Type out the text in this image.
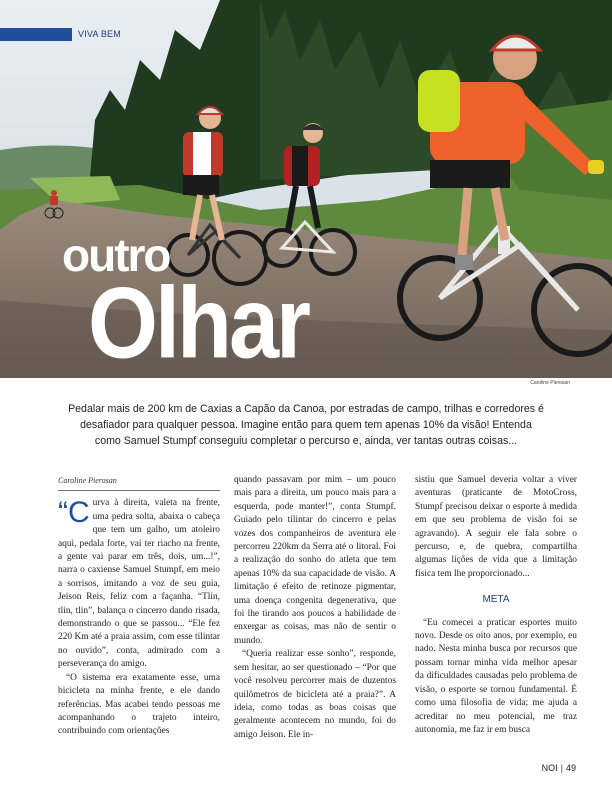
VIVA BEM
outro
Olhar
Caroline Pierosan
Pedalar mais de 200 km de Caxias a Capão da Canoa, por estradas de campo, trilhas e corredores é desafiador para qualquer pessoa. Imagine então para quem tem apenas 10% da visão! Entenda como Samuel Stumpf conseguiu completar o percurso e, ainda, ver tantas outras coisas...

Caroline Pierosan

“Curva à direita, valeta na frente, uma pedra solta, abaixa o cabeça que tem um galho, um atoleiro aqui, pedala forte, vai ter riacho na frente, a gente vai parar em três, dois, um...!”, narra o caxiense Samuel Stumpf, em meio a sorrisos, imitando a voz de seu guia, Jeison Reis, feliz com a façanha. “Tlin, tlin, tlin”, balança o cincerro dando risada, demonstrando o que se passou... “Ele fez 220 Km até a praia assim, com esse tilintar no ouvido”, conta, admirado com a perseverança do amigo.

“O sistema era exatamente esse, uma bicicleta na minha frente, e ele dando referências. Mas acabei tendo pessoas me acompanhando o trajeto inteiro, contribuindo com orientações

quando passavam por mim – um pouco mais para a direita, um pouco mais para a esquerda, pode manter!”, conta Stumpf. Guiado pelo tilintar do cincerro e pelas vozes dos companheiros de aventura ele percorreu 220km da Serra até o litoral. Foi a realização do sonho do atleta que tem apenas 10% da sua capacidade de visão. A limitação é efeito de retinoze pigmentar, uma doença congenita degenerativa, que foi lhe tirando aos poucos a habilidade de enxergar as coisas, mas não de sentir o mundo.

“Queria realizar esse sonho”, responde, sem hesitar, ao ser questionado – “Por que você resolveu percorrer mais de duzentos quilômetros de bicicleta até a praia?”. A ideia, como todas as boas coisas que geralmente acontecem no mundo, foi do amigo Jeison. Ele in-

sistiu que Samuel deveria voltar a viver aventuras (praticante de MotoCross, Stumpf precisou deixar o esporte à medida em que seu problema de visão foi se agravando). A seguir ele fala sobre o percurso, e, de quebra, compartilha algumas lições de vida que a limitação física tem lhe proporcionado...

META

“Eu comecei a praticar esportes muito novo. Desde os oito anos, por exemplo, eu nado. Nesta minha busca por recursos que possam tornar minha vida melhor apesar da dificuldades causadas pelo problema de visão, o esporte se tornou fundamental. É como uma filosofia de vida; me ajuda a acreditar no meu potencial, me traz autonomia, me faz ir em busca

NOI | 49
